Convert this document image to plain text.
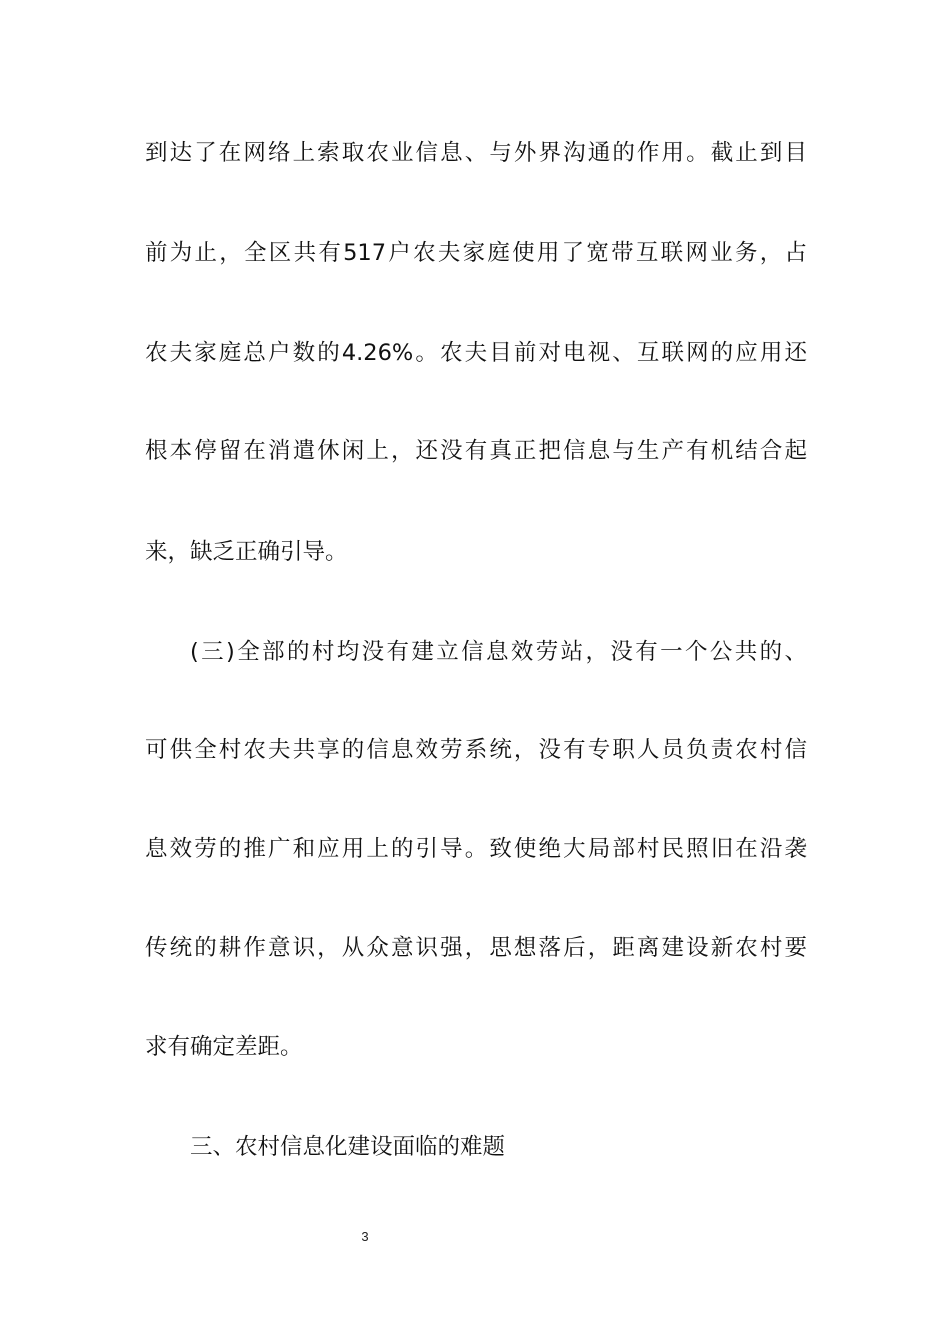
到达了在网络上索取农业信息、与外界沟通的作用。截止到目
前为止，全区共有517户农夫家庭使用了宽带互联网业务，占
农夫家庭总户数的4.26%。农夫目前对电视、互联网的应用还
根本停留在消遣休闲上，还没有真正把信息与生产有机结合起
来，缺乏正确引导。
(三)全部的村均没有建立信息效劳站，没有一个公共的、
可供全村农夫共享的信息效劳系统，没有专职人员负责农村信
息效劳的推广和应用上的引导。致使绝大局部村民照旧在沿袭
传统的耕作意识，从众意识强，思想落后，距离建设新农村要
求有确定差距。
三、农村信息化建设面临的难题
3
